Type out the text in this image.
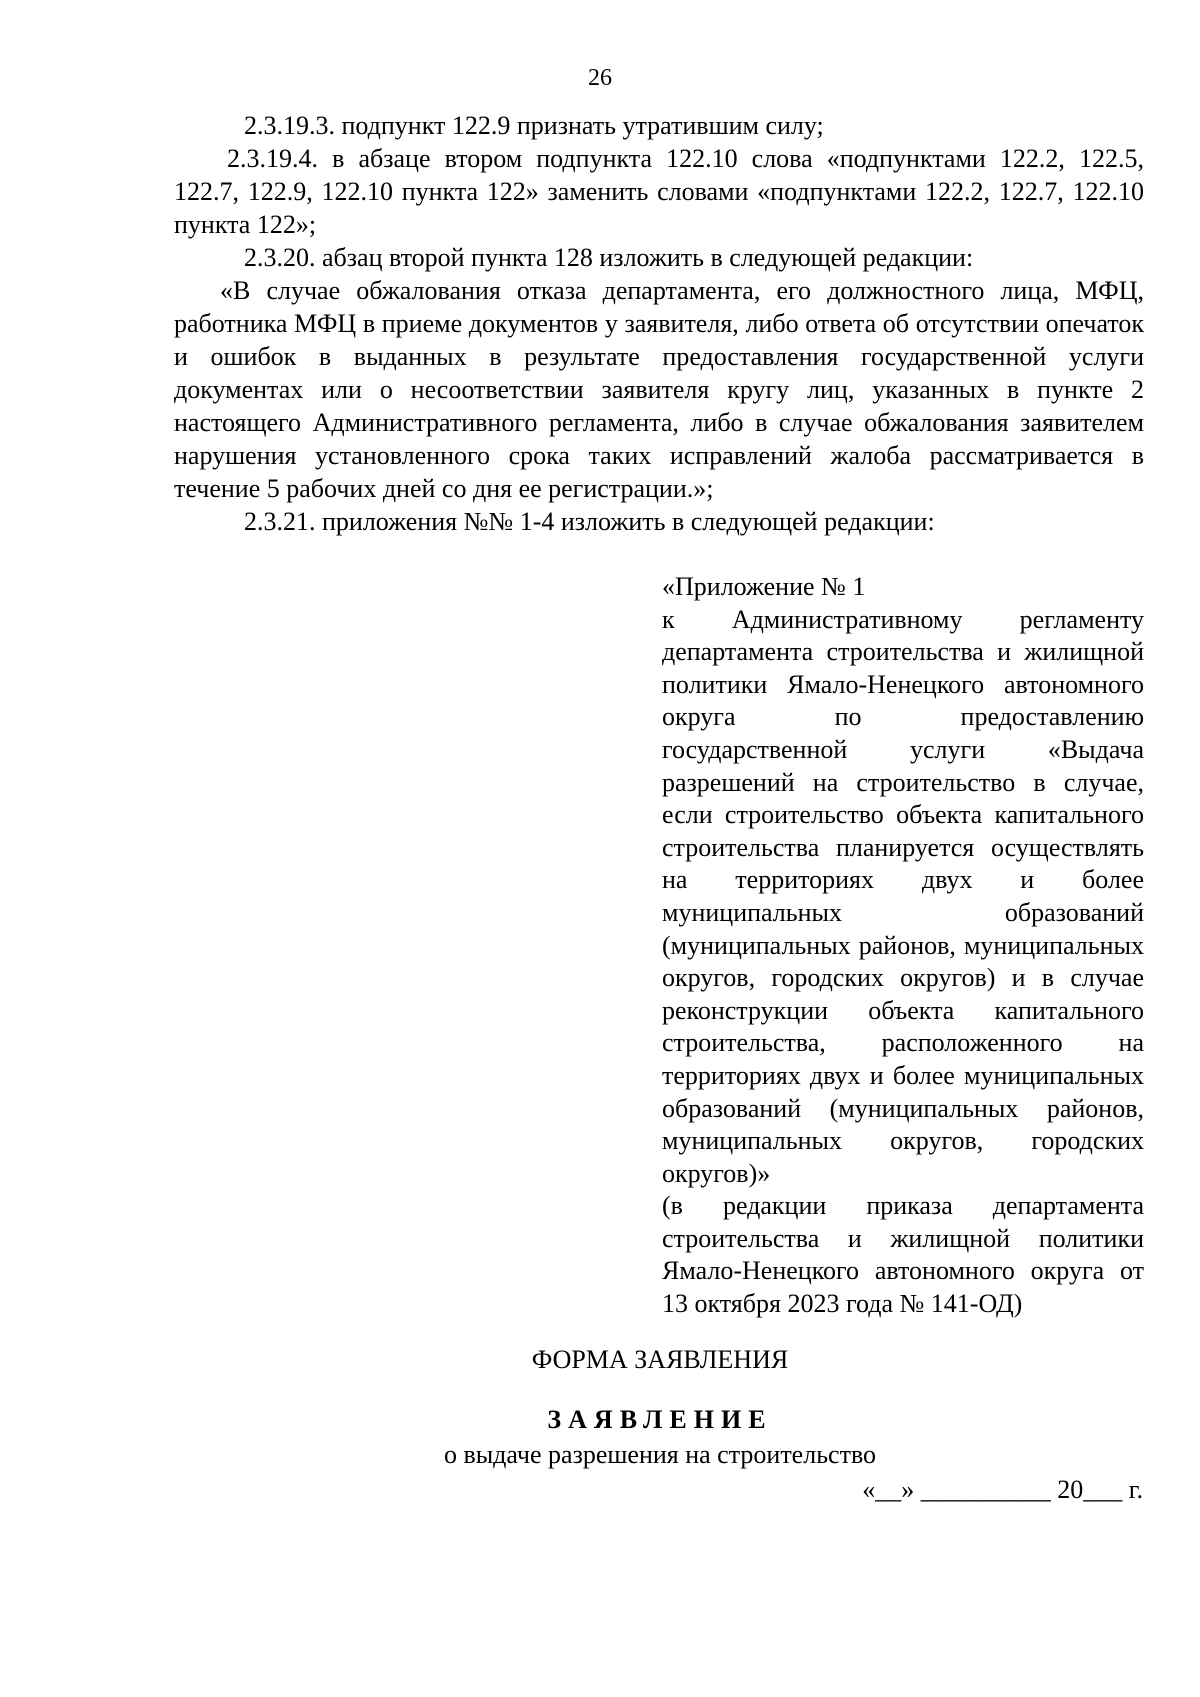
26

2.3.19.3. подпункт 122.9 признать утратившим силу;

2.3.19.4. в абзаце втором подпункта 122.10 слова «подпунктами 122.2, 122.5, 122.7, 122.9, 122.10 пункта 122» заменить словами «подпунктами 122.2, 122.7, 122.10 пункта 122»;

2.3.20. абзац второй пункта 128 изложить в следующей редакции:

«В случае обжалования отказа департамента, его должностного лица, МФЦ, работника МФЦ в приеме документов у заявителя, либо ответа об отсутствии опечаток и ошибок в выданных в результате предоставления государственной услуги документах или о несоответствии заявителя кругу лиц, указанных в пункте 2 настоящего Административного регламента, либо в случае обжалования заявителем нарушения установленного срока таких исправлений жалоба рассматривается в течение 5 рабочих дней со дня ее регистрации.»;

2.3.21. приложения №№ 1-4 изложить в следующей редакции:

«Приложение № 1

к Административному регламенту департамента строительства и жилищной политики Ямало-Ненецкого автономного округа по предоставлению государственной услуги «Выдача разрешений на строительство в случае, если строительство объекта капитального строительства планируется осуществлять на территориях двух и более муниципальных образований (муниципальных районов, муниципальных округов, городских округов) и в случае реконструкции объекта капитального строительства, расположенного на территориях двух и более муниципальных образований (муниципальных районов, муниципальных округов, городских округов)»

(в редакции приказа департамента строительства и жилищной политики Ямало-Ненецкого автономного округа от 13 октября 2023 года № 141-ОД)

ФОРМА ЗАЯВЛЕНИЯ
ЗАЯВЛЕНИЕ
о выдаче разрешения на строительство
«__» __________ 20___ г.
